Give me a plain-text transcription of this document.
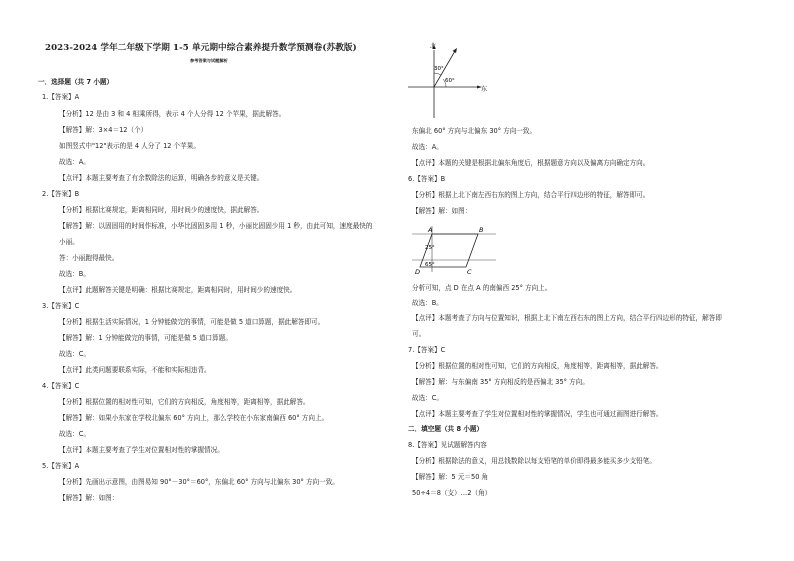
2023-2024 学年二年级下学期 1-5 单元期中综合素养提升数学预测卷(苏教版)
参考答案与试题解析
一．选择题（共 7 小题）
1.【答案】A
【分析】12 是由 3 和 4 相乘所得，表示 4 个人分得 12 个苹果，据此解答。
【解答】解：3×4＝12（个）
如图竖式中"12"表示的是 4 人分了 12 个苹果。
故选：A。
【点评】本题主要考查了有余数除法的运算，明确各步的意义是关键。
2.【答案】B
【分析】根据比赛规定，距离相同时，用时间少的速度快，据此解答。
【解答】解：以固固用的时间作标准，小华比固固多用 1 秒，小丽比固固少用 1 秒，由此可知，速度最快的
小丽。
答：小丽跑得最快。
故选：B。
【点评】此题解答关键是明确：根据比赛规定，距离相同时，用时间少的速度快。
3.【答案】C
【分析】根据生活实际情况，1 分钟能做完的事情，可能是做 5 道口算题，据此解答即可。
【解答】解：1 分钟能做完的事情，可能是做 5 道口算题。
故选：C。
【点评】此类问题要联系实际，不能和实际相违背。
4.【答案】C
【分析】根据位置的相对性可知，它们的方向相反，角度相等，距离相等，据此解答。
【解答】解：如果小东家在学校北偏东 60° 方向上，那么学校在小东家南偏西 60° 方向上。
故选：C。
【点评】本题主要考查了学生对位置相对性的掌握情况。
5.【答案】A
【分析】先画出示意图，由图易知 90°－30°＝60°，东偏北 60° 方向与北偏东 30° 方向一致。
【解答】解：如图：
东偏北 60° 方向与北偏东 30° 方向一致。
故选：A。
【点评】本题的关键是根据北偏东角度后，根据题意方向以及偏离方向确定方向。
6.【答案】B
【分析】根据上北下南左西右东的图上方向，结合平行四边形的特征，解答即可。
【解答】解：如图：
分析可知，点 D 在点 A 的南偏西 25° 方向上。
故选：B。
【点评】本题考查了方向与位置知识，根据上北下南左西右东的图上方向，结合平行四边形的特征，解答即
可。
7.【答案】C
【分析】根据位置的相对性可知，它们的方向相反，角度相等，距离相等，据此解答。
【解答】解：与东偏南 35° 方向相反的是西偏北 35° 方向。
故选：C。
【点评】本题主要考查了学生对位置相对性的掌握情况，学生也可通过画图进行解答。
二．填空题（共 8 小题）
8.【答案】见试题解答内容
【分析】根据除法的意义，用总钱数除以每支铅笔的单价即得最多能买多少支铅笔。
【解答】解：5 元＝50 角
50÷4＝8（支）…2（角）
北
东
30°
60°
A	B
C
D
25°
65°
